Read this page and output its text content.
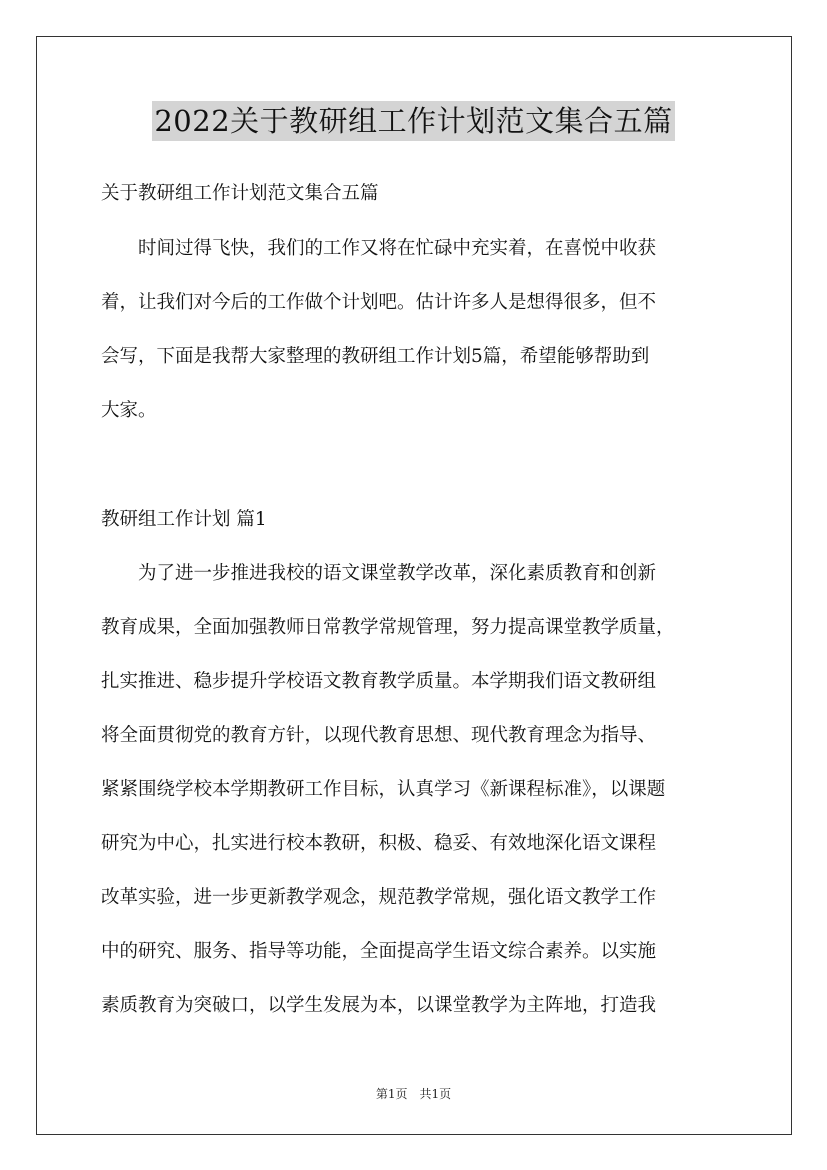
2022关于教研组工作计划范文集合五篇

关于教研组工作计划范文集合五篇

　　时间过得飞快，我们的工作又将在忙碌中充实着，在喜悦中收获

着，让我们对今后的工作做个计划吧。估计许多人是想得很多，但不

会写，下面是我帮大家整理的教研组工作计划5篇，希望能够帮助到

大家。

教研组工作计划 篇1

　　为了进一步推进我校的语文课堂教学改革，深化素质教育和创新

教育成果，全面加强教师日常教学常规管理，努力提高课堂教学质量，

扎实推进、稳步提升学校语文教育教学质量。本学期我们语文教研组

将全面贯彻党的教育方针，以现代教育思想、现代教育理念为指导、

紧紧围绕学校本学期教研工作目标，认真学习《新课程标准》，以课题

研究为中心，扎实进行校本教研，积极、稳妥、有效地深化语文课程

改革实验，进一步更新教学观念，规范教学常规，强化语文教学工作

中的研究、服务、指导等功能，全面提高学生语文综合素养。以实施

素质教育为突破口，以学生发展为本，以课堂教学为主阵地，打造我

第1页　共1页
